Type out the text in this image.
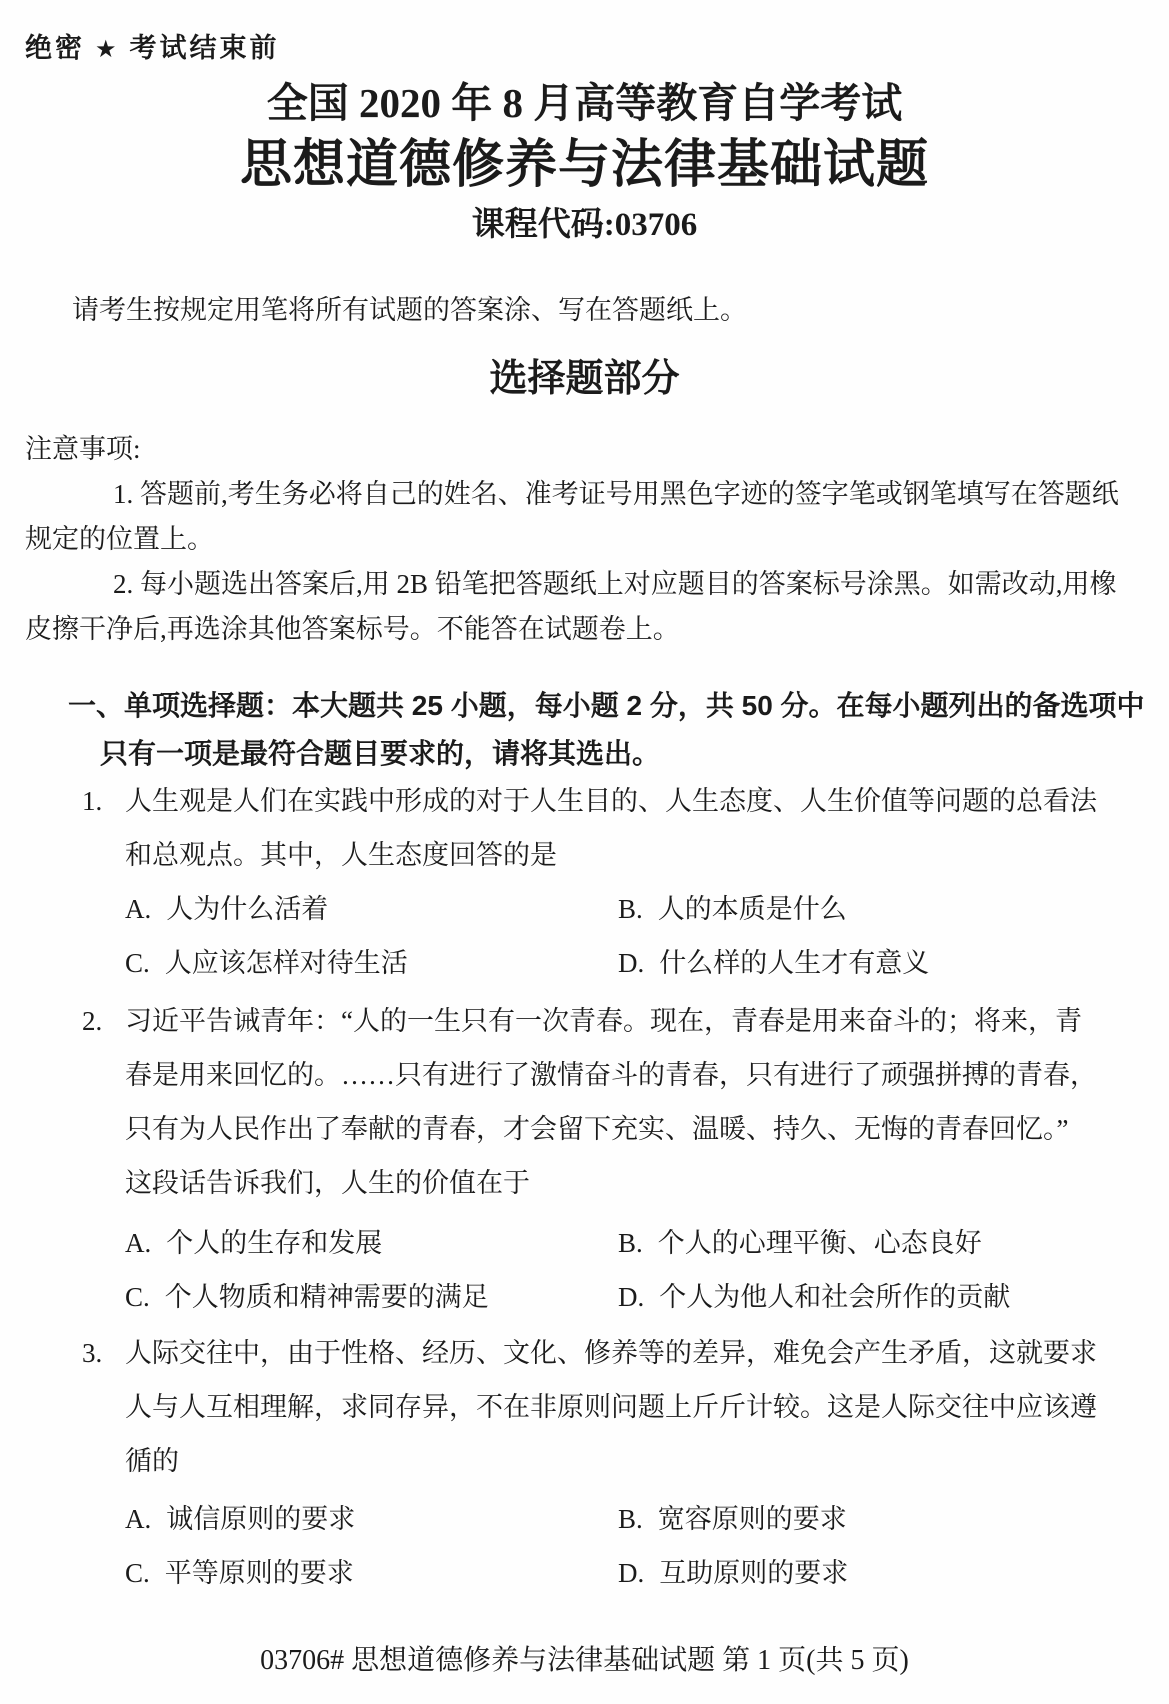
绝密 ★ 考试结束前
全国 2020 年 8 月高等教育自学考试
思想道德修养与法律基础试题
课程代码:03706
请考生按规定用笔将所有试题的答案涂、写在答题纸上。
选择题部分
注意事项:
1. 答题前,考生务必将自己的姓名、准考证号用黑色字迹的签字笔或钢笔填写在答题纸
规定的位置上。
2. 每小题选出答案后,用 2B 铅笔把答题纸上对应题目的答案标号涂黑。如需改动,用橡
皮擦干净后,再选涂其他答案标号。不能答在试题卷上。
一、单项选择题：本大题共 25 小题，每小题 2 分，共 50 分。在每小题列出的备选项中
只有一项是最符合题目要求的，请将其选出。
1. 人生观是人们在实践中形成的对于人生目的、人生态度、人生价值等问题的总看法
和总观点。其中，人生态度回答的是
A. 人为什么活着	B. 人的本质是什么
C. 人应该怎样对待生活	D. 什么样的人生才有意义
2. 习近平告诫青年：“人的一生只有一次青春。现在，青春是用来奋斗的；将来，青
春是用来回忆的。……只有进行了激情奋斗的青春，只有进行了顽强拼搏的青春，
只有为人民作出了奉献的青春，才会留下充实、温暖、持久、无悔的青春回忆。”
这段话告诉我们，人生的价值在于
A. 个人的生存和发展	B. 个人的心理平衡、心态良好
C. 个人物质和精神需要的满足	D. 个人为他人和社会所作的贡献
3. 人际交往中，由于性格、经历、文化、修养等的差异，难免会产生矛盾，这就要求
人与人互相理解，求同存异，不在非原则问题上斤斤计较。这是人际交往中应该遵
循的
A. 诚信原则的要求	B. 宽容原则的要求
C. 平等原则的要求	D. 互助原则的要求
03706# 思想道德修养与法律基础试题 第 1 页(共 5 页)
